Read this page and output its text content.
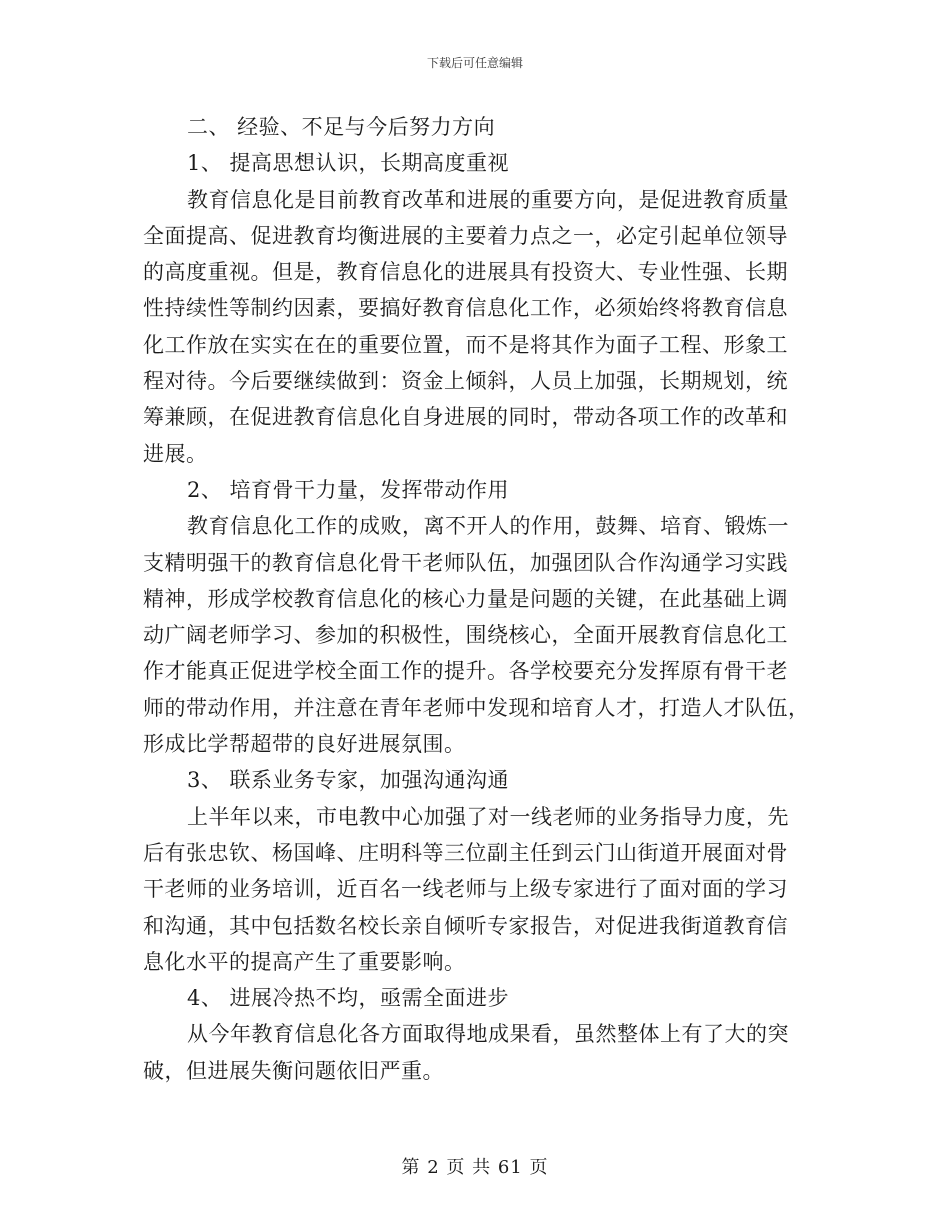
下载后可任意编辑
二、 经验、不足与今后努力方向
1、 提高思想认识，长期高度重视
教育信息化是目前教育改革和进展的重要方向，是促进教育质量
全面提高、促进教育均衡进展的主要着力点之一，必定引起单位领导
的高度重视。但是，教育信息化的进展具有投资大、专业性强、长期
性持续性等制约因素，要搞好教育信息化工作，必须始终将教育信息
化工作放在实实在在的重要位置，而不是将其作为面子工程、形象工
程对待。今后要继续做到：资金上倾斜，人员上加强，长期规划，统
筹兼顾，在促进教育信息化自身进展的同时，带动各项工作的改革和
进展。
2、 培育骨干力量，发挥带动作用
教育信息化工作的成败，离不开人的作用，鼓舞、培育、锻炼一
支精明强干的教育信息化骨干老师队伍，加强团队合作沟通学习实践
精神，形成学校教育信息化的核心力量是问题的关键，在此基础上调
动广阔老师学习、参加的积极性，围绕核心，全面开展教育信息化工
作才能真正促进学校全面工作的提升。各学校要充分发挥原有骨干老
师的带动作用，并注意在青年老师中发现和培育人才，打造人才队伍，
形成比学帮超带的良好进展氛围。
3、 联系业务专家，加强沟通沟通
上半年以来，市电教中心加强了对一线老师的业务指导力度，先
后有张忠钦、杨国峰、庄明科等三位副主任到云门山街道开展面对骨
干老师的业务培训，近百名一线老师与上级专家进行了面对面的学习
和沟通，其中包括数名校长亲自倾听专家报告，对促进我街道教育信
息化水平的提高产生了重要影响。
4、 进展冷热不均，亟需全面进步
从今年教育信息化各方面取得地成果看，虽然整体上有了大的突
破，但进展失衡问题依旧严重。
第 2 页 共 61 页
